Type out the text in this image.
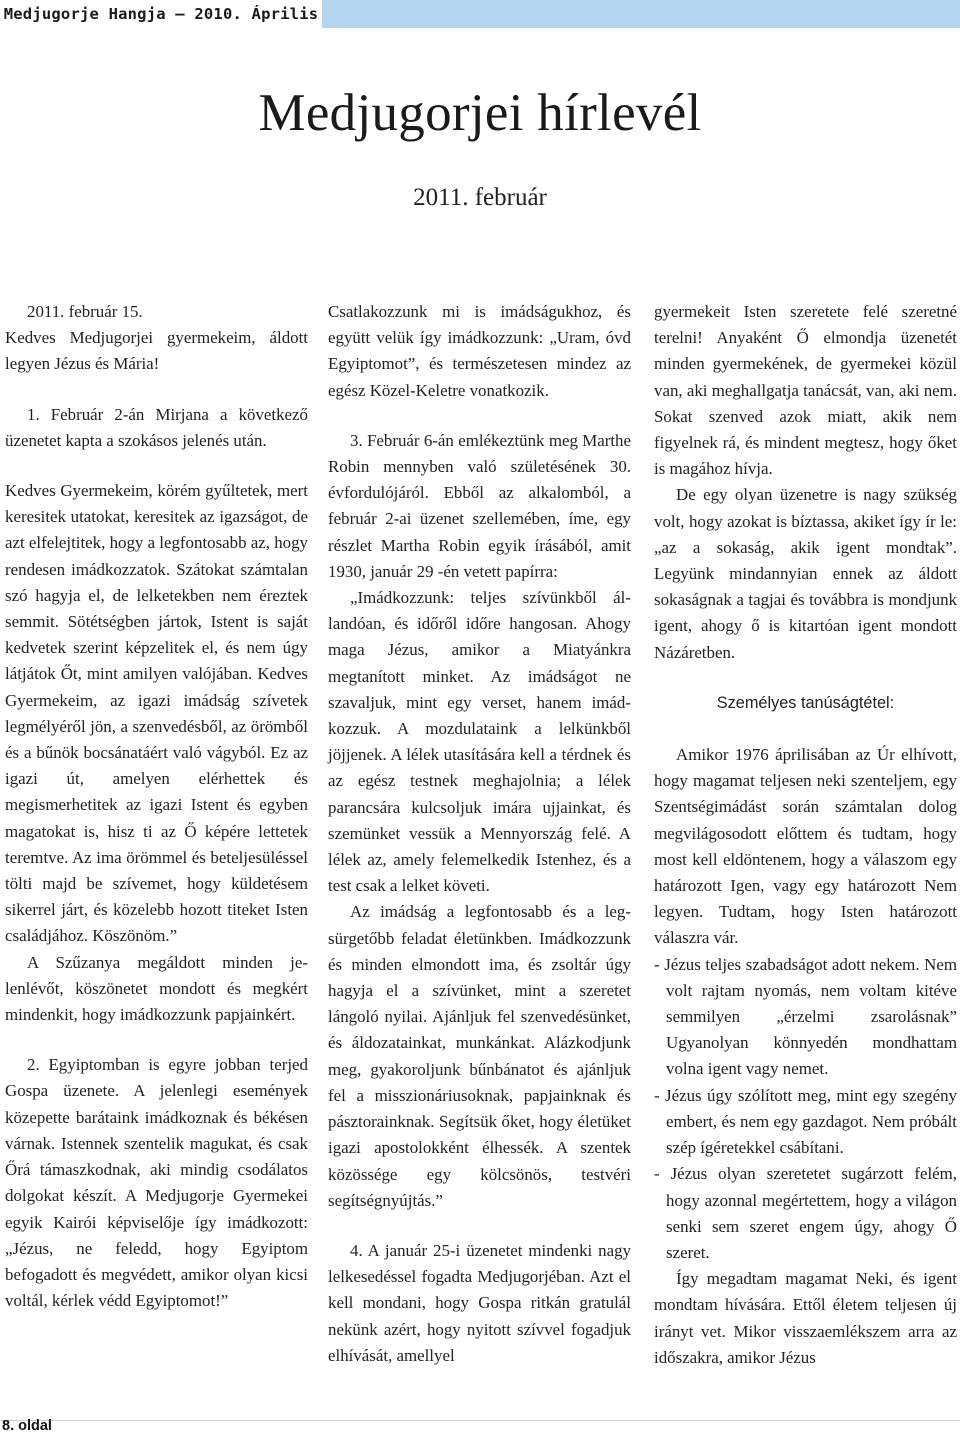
Medjugorje Hangja — 2010. Április
Medjugorjei hírlevél
2011. február

2011. február 15.

Kedves Medjugorjei gyermekeim, áldott legyen Jézus és Mária!

1. Február 2-án Mirjana a következő üzenetet kapta a szokásos jelenés után.

Kedves Gyermekeim, körém gyűltetek, mert keresitek utatokat, keresitek az igazságot, de azt elfelejtitek, hogy a legfontosabb az, hogy rendesen imádkozzatok. Szátokat számtalan szó hagyja el, de lelketekben nem éreztek semmit. Sötétségben jártok, Istent is saját kedvetek szerint képzelitek el, és nem úgy látjátok Őt, mint amilyen valójában. Kedves Gyermekeim, az igazi imádság szívetek legmélyéről jön, a szenvedésből, az örömből és a bűnök bocsánatáért való vágyból. Ez az igazi út, amelyen elérhettek és megismerhetitek az igazi Istent és egyben magatokat is, hisz ti az Ő képére lettetek teremtve. Az ima örömmel és beteljesüléssel tölti majd be szívemet, hogy küldetésem sikerrel járt, és közelebb hozott titeket Isten családjához. Köszönöm.”

A Szűzanya megáldott minden jelenlévőt, köszönetet mondott és megkért mindenkit, hogy imádkozzunk papjainkért.

2. Egyiptomban is egyre jobban terjed Gospa üzenete. A jelenlegi események közepette barátaink imádkoznak és békésen várnak. Istennek szentelik magukat, és csak Őrá támaszkodnak, aki mindig csodálatos dolgokat készít. A Medjugorje Gyermekei egyik Kairói képviselője így imádkozott: „Jézus, ne feledd, hogy Egyiptom befogadott és megvédett, amikor olyan kicsi voltál, kérlek védd Egyiptomot!”

Csatlakozzunk mi is imádságukhoz, és együtt velük így imádkozzunk: „Uram, óvd Egyiptomot”, és természetesen mindez az egész Közel-Keletre vonatkozik.

3. Február 6-án emlékeztünk meg Marthe Robin mennyben való születésének 30. évfordulójáról. Ebből az alkalomból, a február 2-ai üzenet szellemében, íme, egy részlet Martha Robin egyik írásából, amit 1930, január 29 -én vetett papírra:

„Imádkozzunk: teljes szívünkből állandóan, és időről időre hangosan. Ahogy maga Jézus, amikor a Miatyánkra megtanított minket. Az imádságot ne szavaljuk, mint egy verset, hanem imádkozzuk. A mozdulataink a lelkünkből jöjjenek. A lélek utasítására kell a térdnek és az egész testnek meghajolnia; a lélek parancsára kulcsoljuk imára ujjainkat, és szemünket vessük a Mennyország felé. A lélek az, amely felemelkedik Istenhez, és a test csak a lelket követi.

Az imádság a legfontosabb és a legsürgetőbb feladat életünkben. Imádkozzunk és minden elmondott ima, és zsoltár úgy hagyja el a szívünket, mint a szeretet lángoló nyilai. Ajánljuk fel szenvedésünket, és áldozatainkat, munkánkat. Alázkodjunk meg, gyakoroljunk bűnbánatot és ajánljuk fel a misszionáriusoknak, papjainknak és pásztorainknak. Segítsük őket, hogy életüket igazi apostolokként élhessék. A szentek közössége egy kölcsönös, testvéri segítségnyújtás.”

4. A január 25-i üzenetet mindenki nagy lelkesedéssel fogadta Medjugorjéban. Azt el kell mondani, hogy Gospa ritkán gratulál nekünk azért, hogy nyitott szívvel fogadjuk elhívását, amellyel

gyermekeit Isten szeretete felé szeretné terelni! Anyaként Ő elmondja üzenetét minden gyermekének, de gyermekei közül van, aki meghallgatja tanácsát, van, aki nem. Sokat szenved azok miatt, akik nem figyelnek rá, és mindent megtesz, hogy őket is magához hívja.

De egy olyan üzenetre is nagy szükség volt, hogy azokat is bíztassa, akiket így ír le: „az a sokaság, akik igent mondtak”. Legyünk mindannyian ennek az áldott sokaságnak a tagjai és továbbra is mondjunk igent, ahogy ő is kitartóan igent mondott Názáretben.

Személyes tanúságtétel:

Amikor 1976 áprilisában az Úr elhívott, hogy magamat teljesen neki szenteljem, egy Szentségimádást során számtalan dolog megvilágosodott előttem és tudtam, hogy most kell eldöntenem, hogy a válaszom egy határozott Igen, vagy egy határozott Nem legyen. Tudtam, hogy Isten határozott válaszra vár.

- Jézus teljes szabadságot adott nekem. Nem volt rajtam nyomás, nem voltam kitéve semmilyen „érzelmi zsarolásnak” Ugyanolyan könnyedén mondhattam volna igent vagy nemet.

- Jézus úgy szólított meg, mint egy szegény embert, és nem egy gazdagot. Nem próbált szép ígéretekkel csábítani.

- Jézus olyan szeretetet sugárzott felém, hogy azonnal megértettem, hogy a világon senki sem szeret engem úgy, ahogy Ő szeret.

Így megadtam magamat Neki, és igent mondtam hívására. Ettől életem teljesen új irányt vet. Mikor visszaemlékszem arra az időszakra, amikor Jézus

8. oldal
